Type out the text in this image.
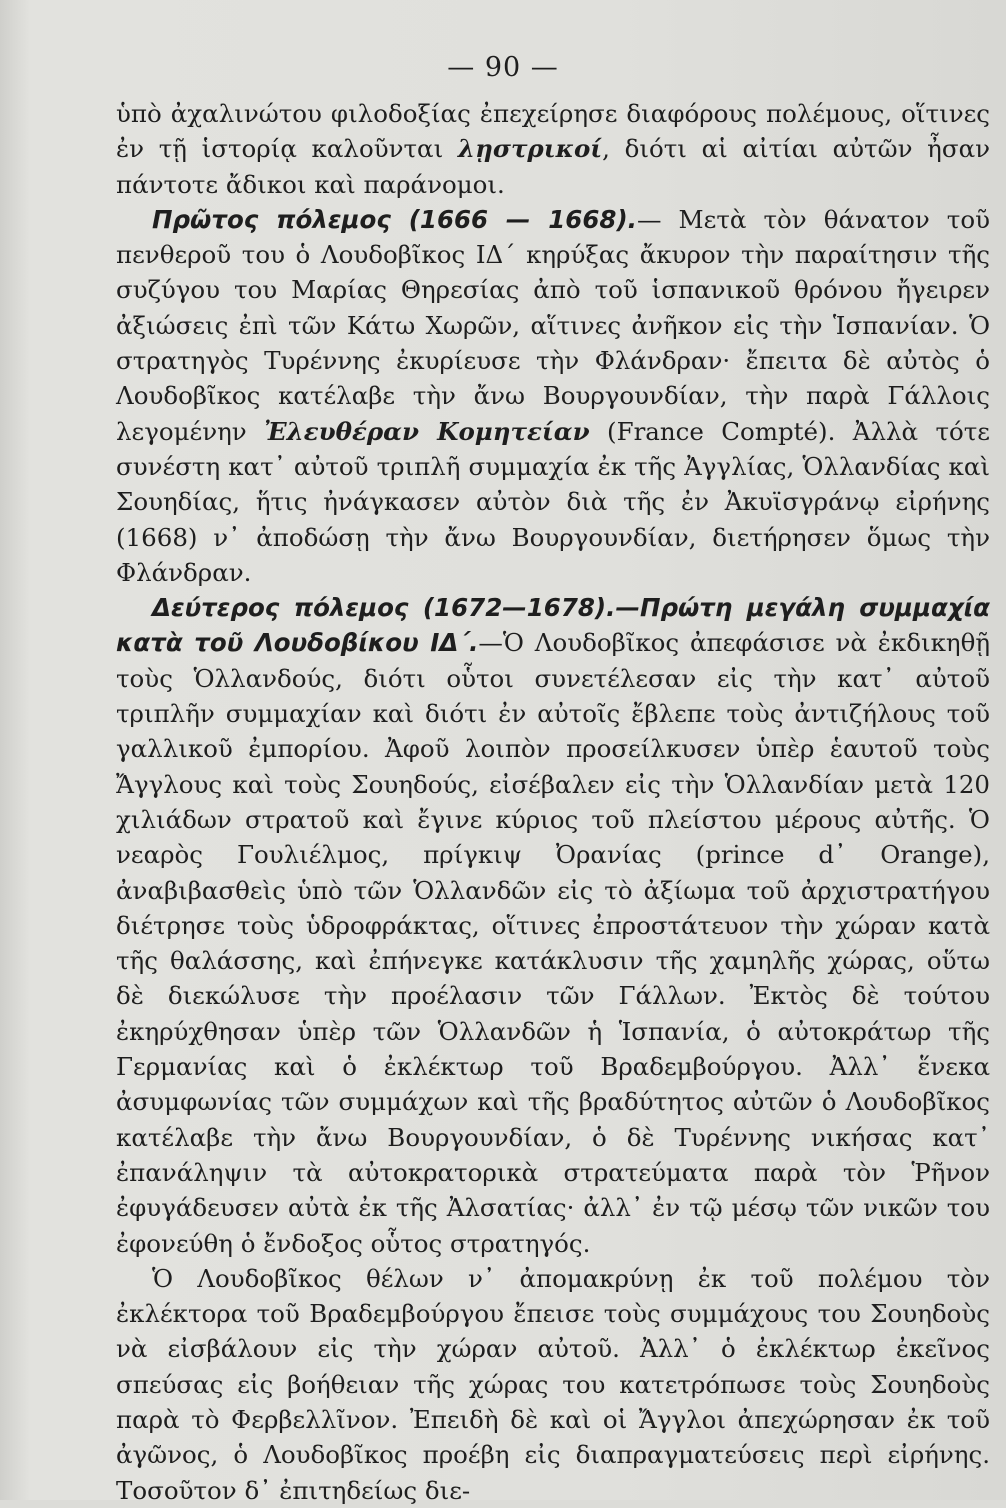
— 90 —

ὑπὸ ἀχαλινώτου φιλοδοξίας ἐπεχείρησε διαφόρους πολέμους, οἵτινες ἐν τῇ ἱστορίᾳ καλοῦνται λῃστρικοί, διότι αἱ αἰτίαι αὐτῶν ἦσαν πάντοτε ἄδικοι καὶ παράνομοι.

Πρῶτος πόλεμος (1666 — 1668).— Μετὰ τὸν θάνατον τοῦ πενθεροῦ του ὁ Λουδοβῖκος ΙΔ΄ κηρύξας ἄκυρον τὴν παραίτησιν τῆς συζύγου του Μαρίας Θηρεσίας ἀπὸ τοῦ ἱσπανικοῦ θρόνου ἤγειρεν ἀξιώσεις ἐπὶ τῶν Κάτω Χωρῶν, αἵτινες ἀνῆκον εἰς τὴν Ἱσπανίαν. Ὁ στρατηγὸς Τυρέννης ἐκυρίευσε τὴν Φλάνδραν· ἔπειτα δὲ αὐτὸς ὁ Λουδοβῖκος κατέλαβε τὴν ἄνω Βουργουνδίαν, τὴν παρὰ Γάλλοις λεγομένην Ἐλευθέραν Κομητείαν (France Compté). Ἀλλὰ τότε συνέστη κατ᾽ αὐτοῦ τριπλῆ συμμαχία ἐκ τῆς Ἀγγλίας, Ὁλλανδίας καὶ Σουηδίας, ἥτις ἠνάγκασεν αὐτὸν διὰ τῆς ἐν Ἀκυϊσγράνῳ εἰρήνης (1668) ν᾽ ἀποδώσῃ τὴν ἄνω Βουργουνδίαν, διετήρησεν ὅμως τὴν Φλάνδραν.

Δεύτερος πόλεμος (1672—1678).—Πρώτη μεγάλη συμμαχία κατὰ τοῦ Λουδοβίκου ΙΔ΄.—Ὁ Λουδοβῖκος ἀπεφάσισε νὰ ἐκδικηθῇ τοὺς Ὁλλανδούς, διότι οὗτοι συνετέλεσαν εἰς τὴν κατ᾽ αὐτοῦ τριπλῆν συμμαχίαν καὶ διότι ἐν αὐτοῖς ἔβλεπε τοὺς ἀντιζήλους τοῦ γαλλικοῦ ἐμπορίου. Ἀφοῦ λοιπὸν προσείλκυσεν ὑπὲρ ἑαυτοῦ τοὺς Ἄγγλους καὶ τοὺς Σουηδούς, εἰσέβαλεν εἰς τὴν Ὁλλανδίαν μετὰ 120 χιλιάδων στρατοῦ καὶ ἔγινε κύριος τοῦ πλείστου μέρους αὐτῆς. Ὁ νεαρὸς Γουλιέλμος, πρίγκιψ Ὀρανίας (prince d᾽ Orange), ἀναβιβασθεὶς ὑπὸ τῶν Ὁλλανδῶν εἰς τὸ ἀξίωμα τοῦ ἀρχιστρατήγου διέτρησε τοὺς ὑδροφράκτας, οἵτινες ἐπροστάτευον τὴν χώραν κατὰ τῆς θαλάσσης, καὶ ἐπήνεγκε κατάκλυσιν τῆς χαμηλῆς χώρας, οὕτω δὲ διεκώλυσε τὴν προέλασιν τῶν Γάλλων. Ἐκτὸς δὲ τούτου ἐκηρύχθησαν ὑπὲρ τῶν Ὁλλανδῶν ἡ Ἱσπανία, ὁ αὐτοκράτωρ τῆς Γερμανίας καὶ ὁ ἐκλέκτωρ τοῦ Βραδεμβούργου. Ἀλλ᾽ ἕνεκα ἀσυμφωνίας τῶν συμμάχων καὶ τῆς βραδύτητος αὐτῶν ὁ Λουδοβῖκος κατέλαβε τὴν ἄνω Βουργουνδίαν, ὁ δὲ Τυρέννης νικήσας κατ᾽ ἐπανάληψιν τὰ αὐτοκρατορικὰ στρατεύματα παρὰ τὸν Ῥῆνον ἐφυγάδευσεν αὐτὰ ἐκ τῆς Ἀλσατίας· ἀλλ᾽ ἐν τῷ μέσῳ τῶν νικῶν του ἐφονεύθη ὁ ἔνδοξος οὗτος στρατηγός.

Ὁ Λουδοβῖκος θέλων ν᾽ ἀπομακρύνῃ ἐκ τοῦ πολέμου τὸν ἐκλέκτορα τοῦ Βραδεμβούργου ἔπεισε τοὺς συμμάχους του Σουηδοὺς νὰ εἰσβάλουν εἰς τὴν χώραν αὐτοῦ. Ἀλλ᾽ ὁ ἐκλέκτωρ ἐκεῖνος σπεύσας εἰς βοήθειαν τῆς χώρας του κατετρόπωσε τοὺς Σουηδοὺς παρὰ τὸ Φερβελλῖνον. Ἐπειδὴ δὲ καὶ οἱ Ἄγγλοι ἀπεχώρησαν ἐκ τοῦ ἀγῶνος, ὁ Λουδοβῖκος προέβη εἰς διαπραγματεύσεις περὶ εἰρήνης. Τοσοῦτον δ᾽ ἐπιτηδείως διε-
